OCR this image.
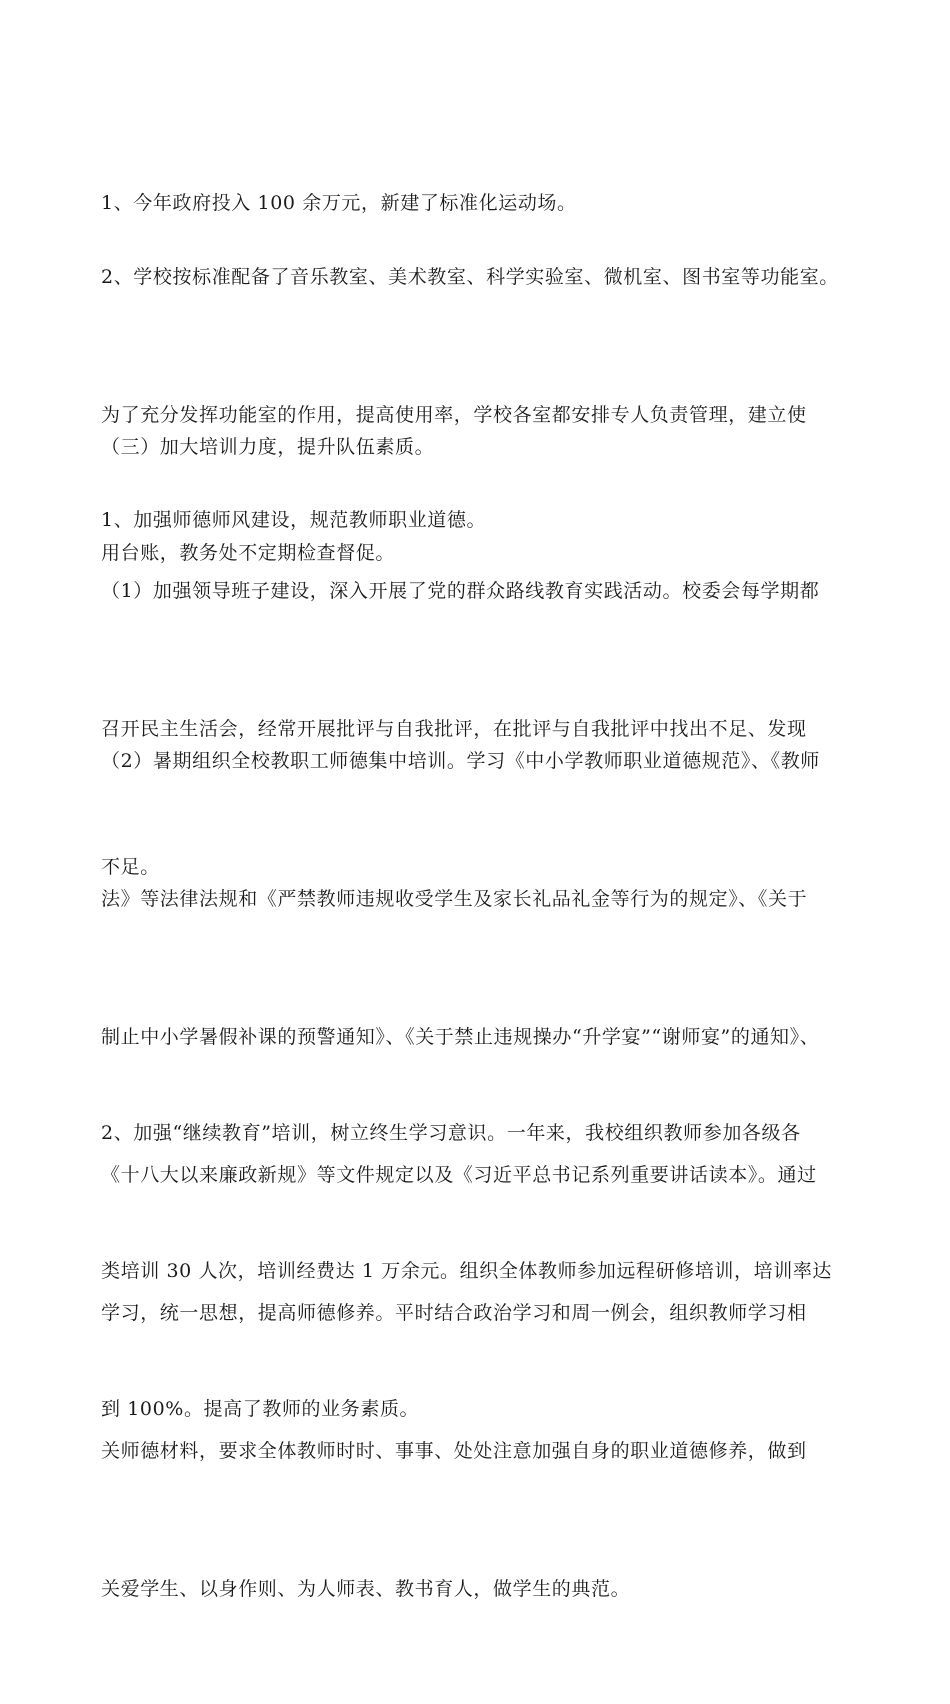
1、今年政府投入 100 余万元，新建了标准化运动场。

2、学校按标准配备了音乐教室、美术教室、科学实验室、微机室、图书室等功能室。

为了充分发挥功能室的作用，提高使用率，学校各室都安排专人负责管理，建立使

用台账，教务处不定期检查督促。

（三）加大培训力度，提升队伍素质。

1、加强师德师风建设，规范教师职业道德。

（1）加强领导班子建设，深入开展了党的群众路线教育实践活动。校委会每学期都

召开民主生活会，经常开展批评与自我批评，在批评与自我批评中找出不足、发现

不足。

（2）暑期组织全校教职工师德集中培训。学习《中小学教师职业道德规范》、《教师

法》等法律法规和《严禁教师违规收受学生及家长礼品礼金等行为的规定》、《关于

制止中小学暑假补课的预警通知》、《关于禁止违规操办“升学宴”“谢师宴”的通知》、

《十八大以来廉政新规》等文件规定以及《习近平总书记系列重要讲话读本》。通过

学习，统一思想，提高师德修养。平时结合政治学习和周一例会，组织教师学习相

关师德材料，要求全体教师时时、事事、处处注意加强自身的职业道德修养，做到

关爱学生、以身作则、为人师表、教书育人，做学生的典范。

2、加强“继续教育”培训，树立终生学习意识。一年来，我校组织教师参加各级各

类培训 30 人次，培训经费达 1 万余元。组织全体教师参加远程研修培训，培训率达

到 100%。提高了教师的业务素质。
